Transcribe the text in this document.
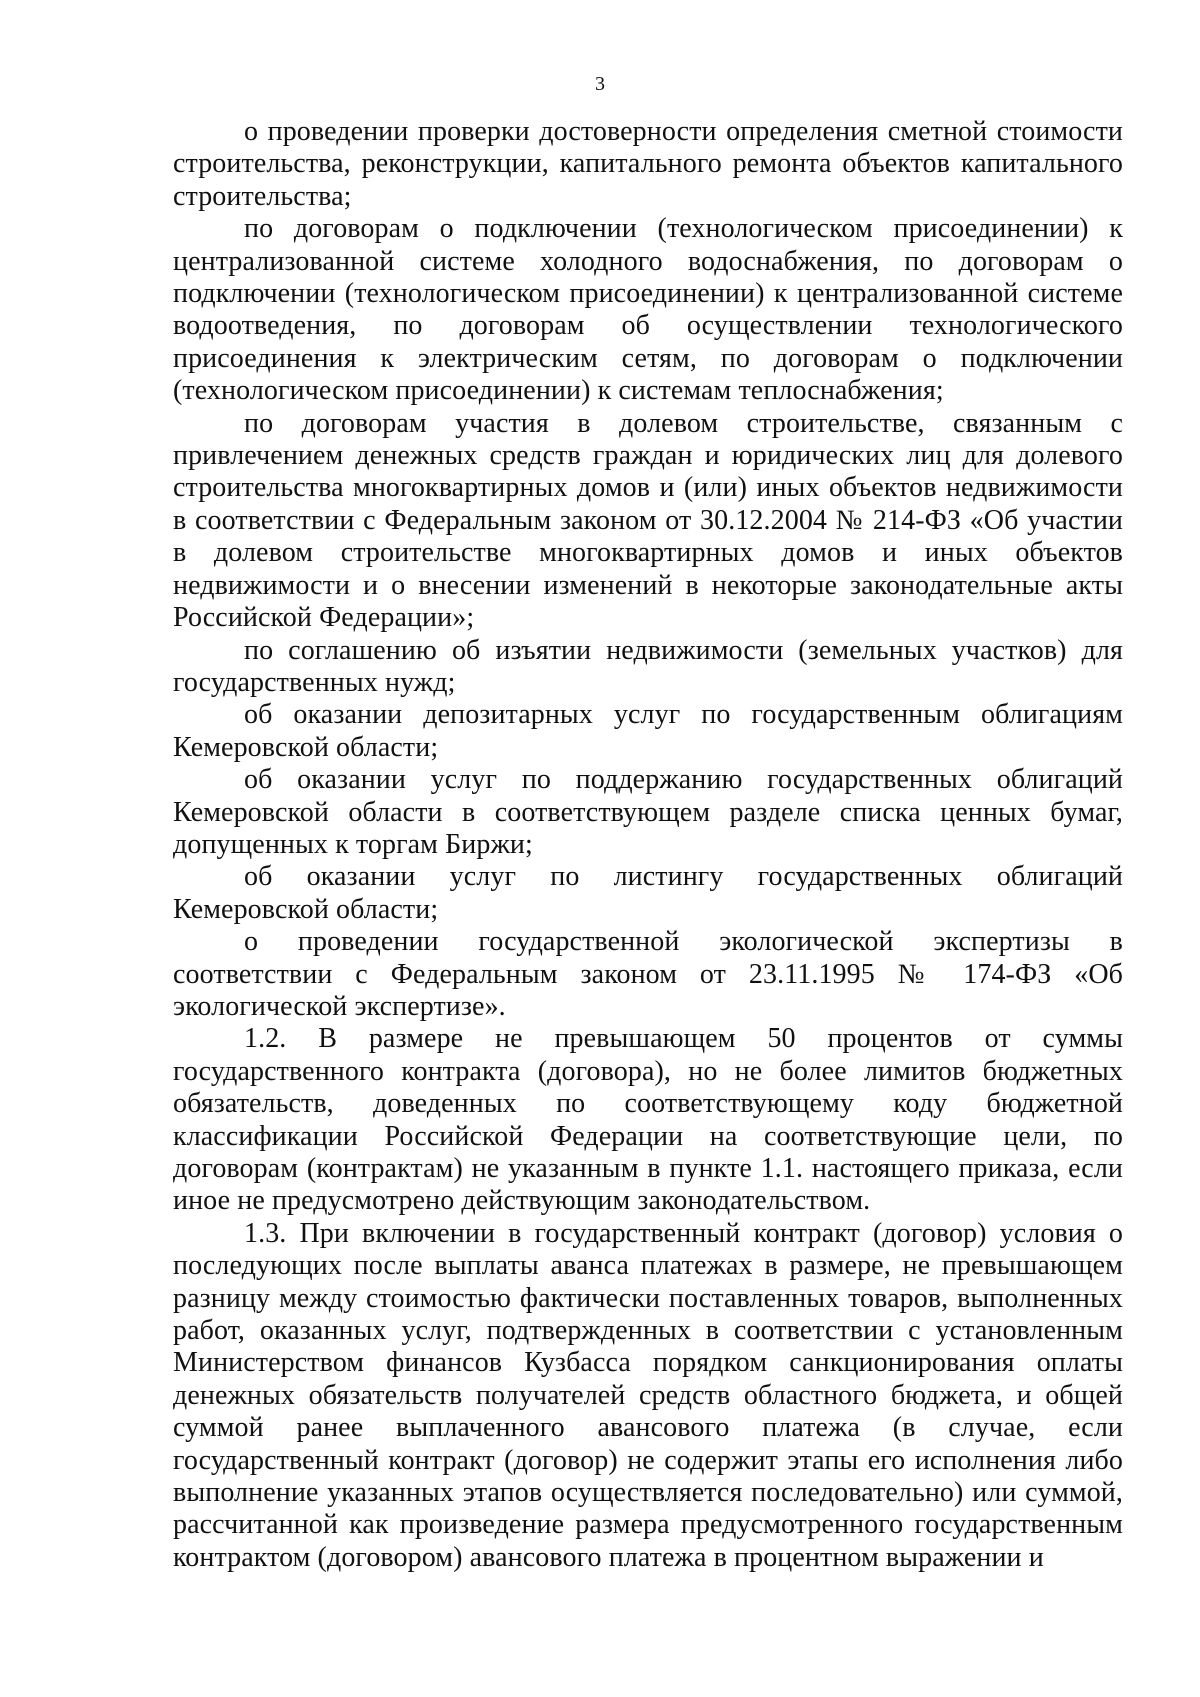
3

о проведении проверки достоверности определения сметной стоимости строительства, реконструкции, капитального ремонта объектов капитального строительства;

по договорам о подключении (технологическом присоединении) к централизованной системе холодного водоснабжения, по договорам о подключении (технологическом присоединении) к централизованной системе водоотведения, по договорам об осуществлении технологического присоединения к электрическим сетям, по договорам о подключении (технологическом присоединении) к системам теплоснабжения;

по договорам участия в долевом строительстве, связанным с привлечением денежных средств граждан и юридических лиц для долевого строительства многоквартирных домов и (или) иных объектов недвижимости в соответствии с Федеральным законом от 30.12.2004 № 214-ФЗ «Об участии в долевом строительстве многоквартирных домов и иных объектов недвижимости и о внесении изменений в некоторые законодательные акты Российской Федерации»;

по соглашению об изъятии недвижимости (земельных участков) для государственных нужд;

об оказании депозитарных услуг по государственным облигациям Кемеровской области;

об оказании услуг по поддержанию государственных облигаций Кемеровской области в соответствующем разделе списка ценных бумаг, допущенных к торгам Биржи;

об оказании услуг по листингу государственных облигаций Кемеровской области;

о проведении государственной экологической экспертизы в соответствии с Федеральным законом от 23.11.1995 № 174-ФЗ «Об экологической экспертизе».

1.2. В размере не превышающем 50 процентов от суммы государственного контракта (договора), но не более лимитов бюджетных обязательств, доведенных по соответствующему коду бюджетной классификации Российской Федерации на соответствующие цели, по договорам (контрактам) не указанным в пункте 1.1. настоящего приказа, если иное не предусмотрено действующим законодательством.

1.3. При включении в государственный контракт (договор) условия о последующих после выплаты аванса платежах в размере, не превышающем разницу между стоимостью фактически поставленных товаров, выполненных работ, оказанных услуг, подтвержденных в соответствии с установленным Министерством финансов Кузбасса порядком санкционирования оплаты денежных обязательств получателей средств областного бюджета, и общей суммой ранее выплаченного авансового платежа (в случае, если государственный контракт (договор) не содержит этапы его исполнения либо выполнение указанных этапов осуществляется последовательно) или суммой, рассчитанной как произведение размера предусмотренного государственным контрактом (договором) авансового платежа в процентном выражении и
